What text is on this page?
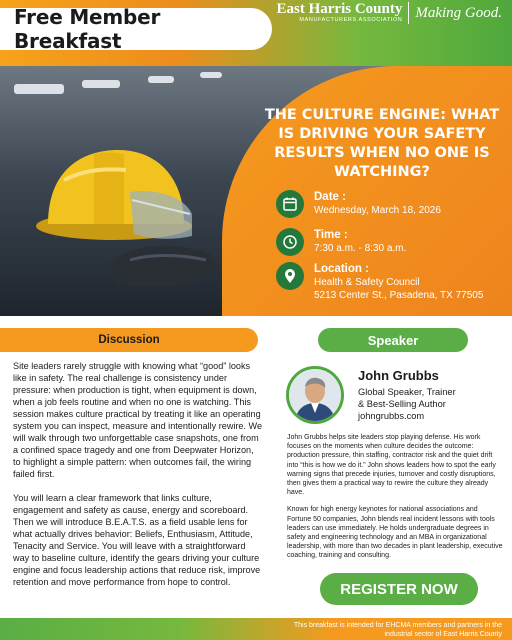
Free Member Breakfast
East Harris County
MANUFACTURERS ASSOCIATION Making Good.
THE CULTURE ENGINE: WHAT IS DRIVING YOUR SAFETY RESULTS WHEN NO ONE IS WATCHING?
Date :
Wednesday, March 18, 2026
Time :
7:30 a.m. - 8:30 a.m.
Location :
Health & Safety Council
5213 Center St., Pasadena, TX 77505
Discussion

Site leaders rarely struggle with knowing what “good” looks like in safety. The real challenge is consistency under pressure: when production is tight, when equipment is down, when a job feels routine and when no one is watching. This session makes culture practical by treating it like an operating system you can inspect, measure and intentionally rewire. We will walk through two unforgettable case snapshots, one from a confined space tragedy and one from Deepwater Horizon, to highlight a simple pattern: when outcomes fail, the wiring failed first.

You will learn a clear framework that links culture, engagement and safety as cause, energy and scoreboard. Then we will introduce B.E.A.T.S. as a field usable lens for what actually drives behavior: Beliefs, Enthusiasm, Attitude, Tenacity and Service. You will leave with a straightforward way to baseline culture, identify the gears driving your culture engine and focus leadership actions that reduce risk, improve retention and move performance from hope to control.

Speaker
John Grubbs
Global Speaker, Trainer
& Best-Selling Author
johngrubbs.com

John Grubbs helps site leaders stop playing defense. His work focuses on the moments when culture decides the outcome: production pressure, thin staffing, contractor risk and the quiet drift into “this is how we do it.” John shows leaders how to spot the early warning signs that precede injuries, turnover and costly disruptions, then gives them a practical way to rewire the culture they already have.

Known for high energy keynotes for national associations and Fortune 50 companies, John blends real incident lessons with tools leaders can use immediately. He holds undergraduate degrees in safety and engineering technology and an MBA in organizational leadership, with more than two decades in plant leadership, executive coaching, training and consulting.

REGISTER NOW
This breakfast is intended for EHCMA members and partners in the
industrial sector of East Harris County
